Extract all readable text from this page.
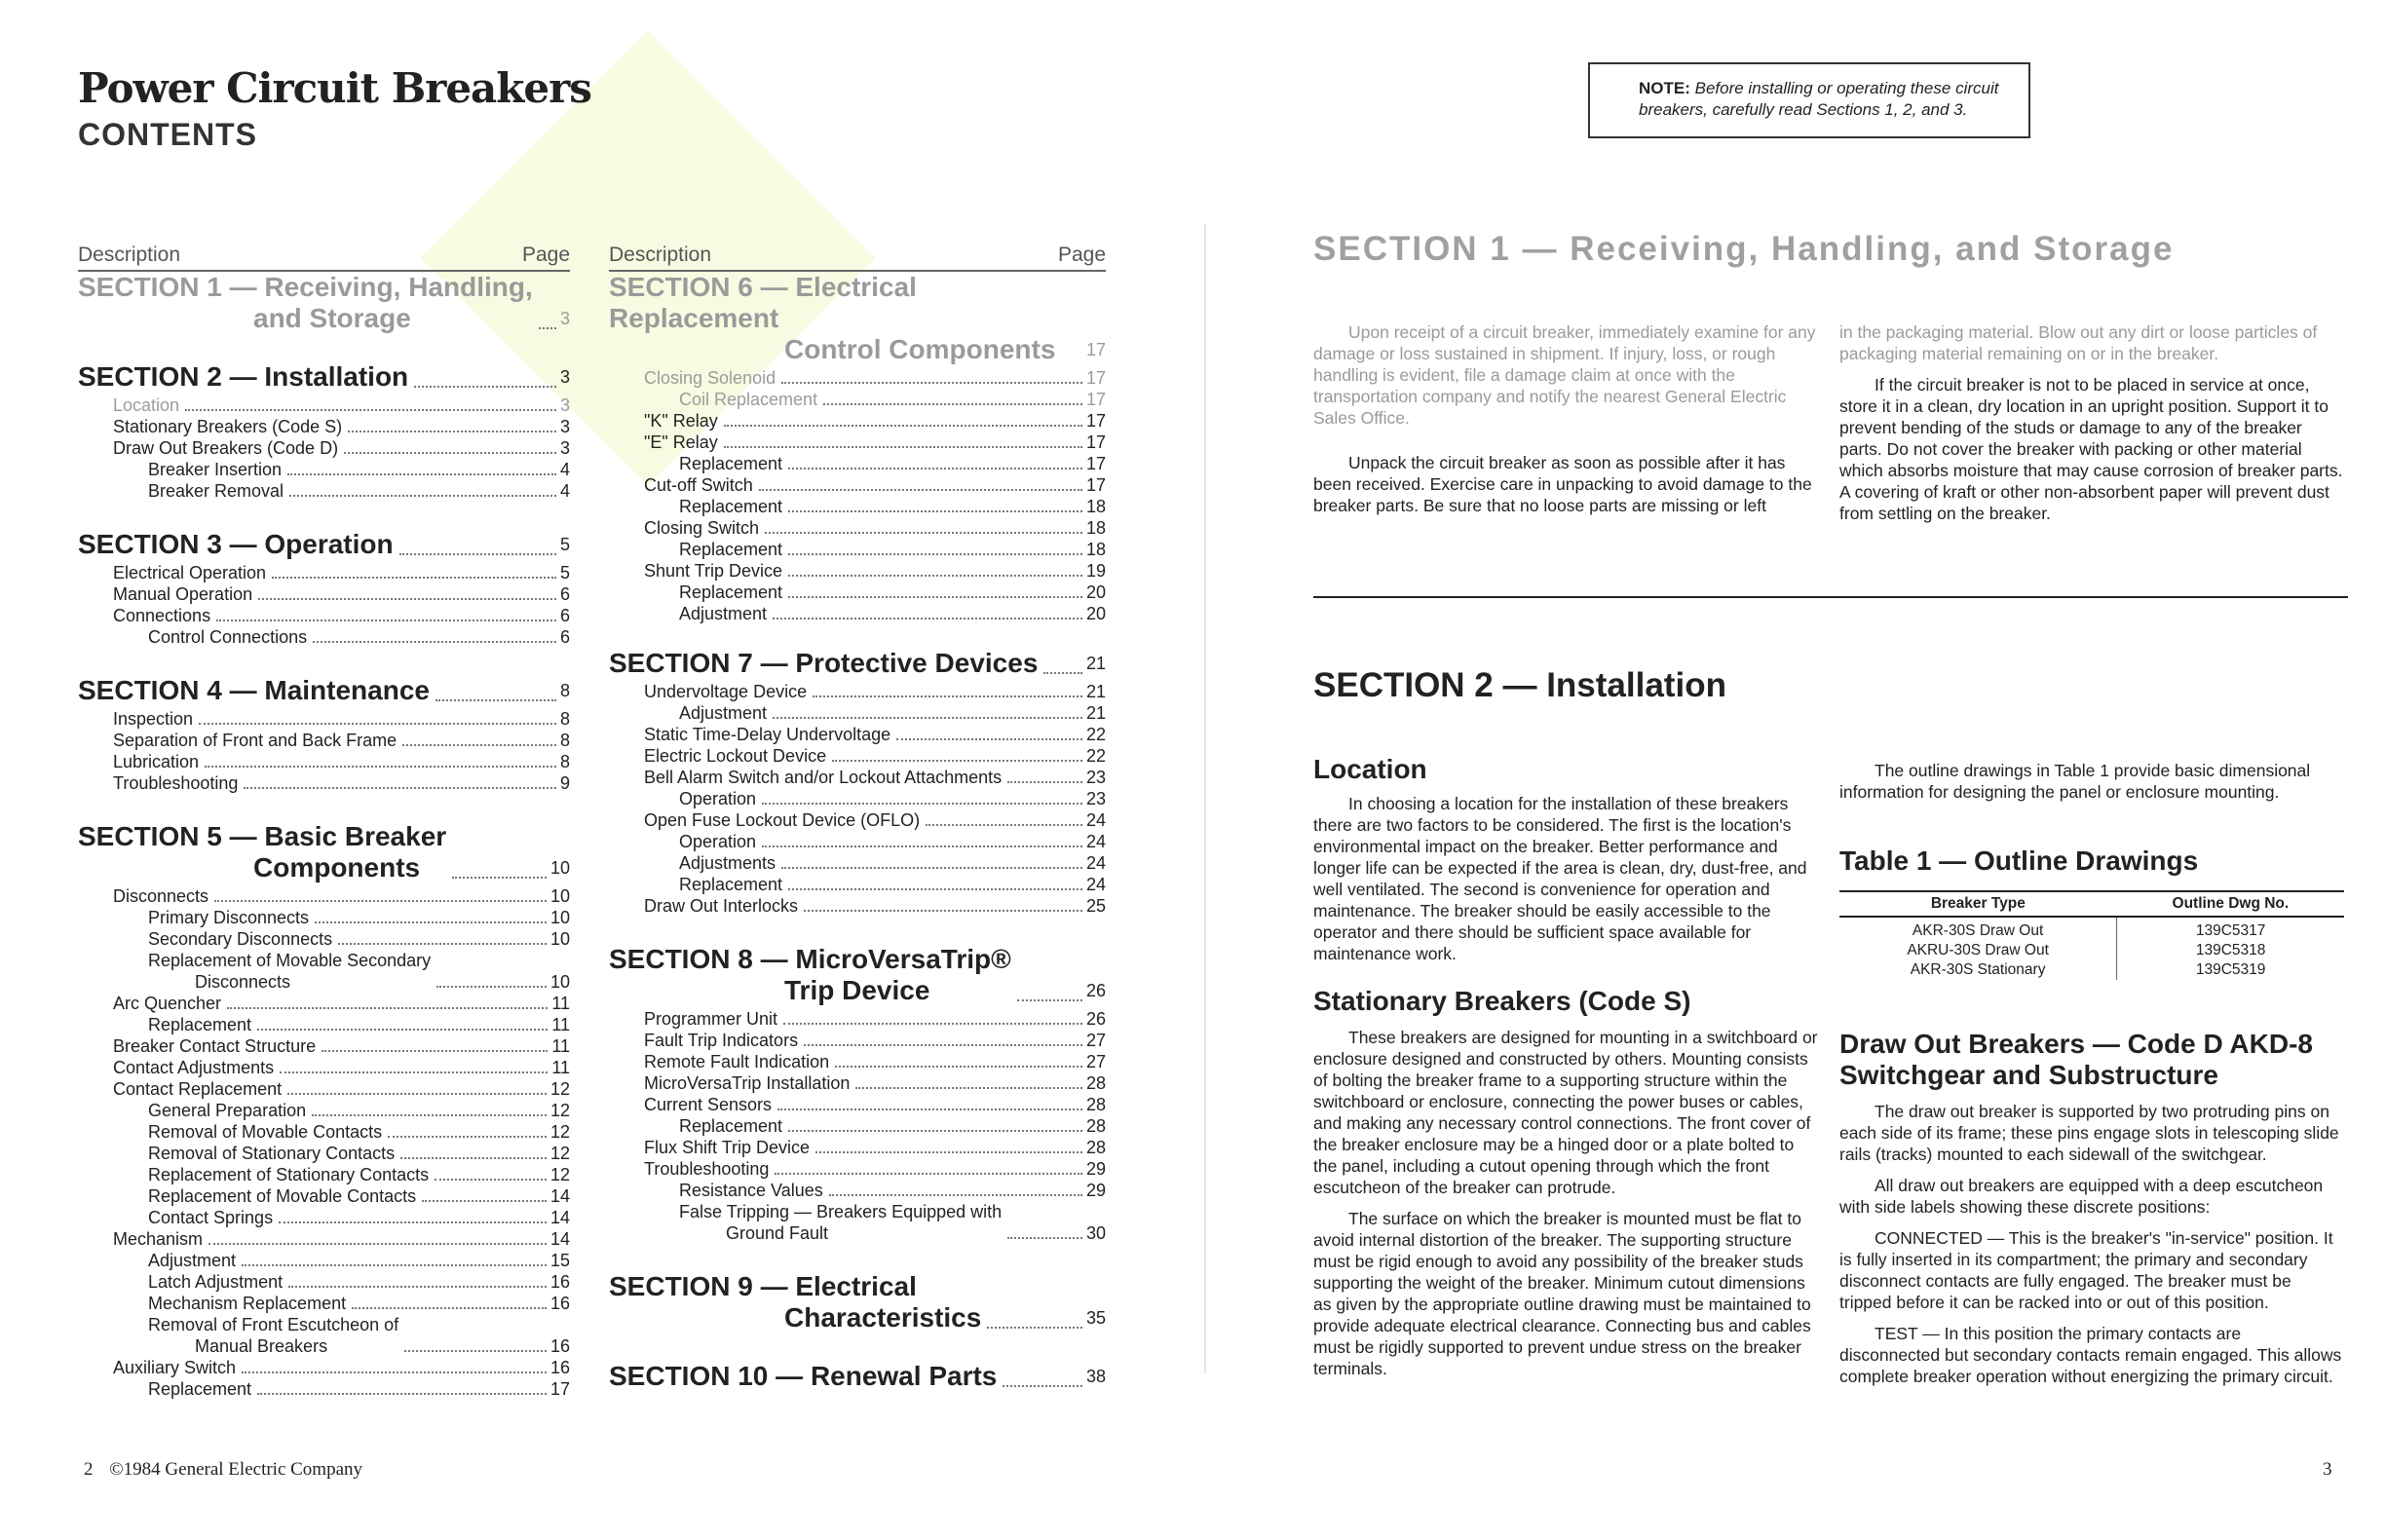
Power Circuit Breakers
CONTENTS
Description	Page
SECTION 1 — Receiving, Handling,
and Storage	3
SECTION 2 — Installation	3
Location	3
Stationary Breakers (Code S)	3
Draw Out Breakers (Code D)	3
Breaker Insertion	4
Breaker Removal	4
SECTION 3 — Operation	5
Electrical Operation	5
Manual Operation	6
Connections	6
Control Connections	6
SECTION 4 — Maintenance	8
Inspection	8
Separation of Front and Back Frame	8
Lubrication	8
Troubleshooting	9
SECTION 5 — Basic Breaker
Components	10
Disconnects	10
Primary Disconnects	10
Secondary Disconnects	10
Replacement of Movable Secondary
Disconnects	10
Arc Quencher	11
Replacement	11
Breaker Contact Structure	11
Contact Adjustments	11
Contact Replacement	12
General Preparation	12
Removal of Movable Contacts	12
Removal of Stationary Contacts	12
Replacement of Stationary Contacts	12
Replacement of Movable Contacts	14
Contact Springs	14
Mechanism	14
Adjustment	15
Latch Adjustment	16
Mechanism Replacement	16
Removal of Front Escutcheon of
Manual Breakers	16
Auxiliary Switch	16
Replacement	17
Description	Page
SECTION 6 — Electrical Replacement
Control Components	17
Closing Solenoid	17
Coil Replacement	17
"K" Relay	17
"E" Relay	17
Replacement	17
Cut-off Switch	17
Replacement	18
Closing Switch	18
Replacement	18
Shunt Trip Device	19
Replacement	20
Adjustment	20
SECTION 7 — Protective Devices	21
Undervoltage Device	21
Adjustment	21
Static Time-Delay Undervoltage	22
Electric Lockout Device	22
Bell Alarm Switch and/or Lockout Attachments	23
Operation	23
Open Fuse Lockout Device (OFLO)	24
Operation	24
Adjustments	24
Replacement	24
Draw Out Interlocks	25
SECTION 8 — MicroVersaTrip®
Trip Device	26
Programmer Unit	26
Fault Trip Indicators	27
Remote Fault Indication	27
MicroVersaTrip Installation	28
Current Sensors	28
Replacement	28
Flux Shift Trip Device	28
Troubleshooting	29
Resistance Values	29
False Tripping — Breakers Equipped with
Ground Fault	30
SECTION 9 — Electrical
Characteristics	35
SECTION 10 — Renewal Parts	38
2 ©1984 General Electric Company
NOTE: Before installing or operating these circuit breakers, carefully read Sections 1, 2, and 3.
SECTION 1 — Receiving, Handling, and Storage

Upon receipt of a circuit breaker, immediately examine for any damage or loss sustained in shipment. If injury, loss, or rough handling is evident, file a damage claim at once with the transportation company and notify the nearest General Electric Sales Office.

Unpack the circuit breaker as soon as possible after it has been received. Exercise care in unpacking to avoid damage to the breaker parts. Be sure that no loose parts are missing or left

in the packaging material. Blow out any dirt or loose particles of packaging material remaining on or in the breaker.

If the circuit breaker is not to be placed in service at once, store it in a clean, dry location in an upright position. Support it to prevent bending of the studs or damage to any of the breaker parts. Do not cover the breaker with packing or other material which absorbs moisture that may cause corrosion of breaker parts. A covering of kraft or other non-absorbent paper will prevent dust from settling on the breaker.

SECTION 2 — Installation
Location

In choosing a location for the installation of these breakers there are two factors to be considered. The first is the location's environmental impact on the breaker. Better performance and longer life can be expected if the area is clean, dry, dust-free, and well ventilated. The second is convenience for operation and maintenance. The breaker should be easily accessible to the operator and there should be sufficient space available for maintenance work.

Stationary Breakers (Code S)

These breakers are designed for mounting in a switchboard or enclosure designed and constructed by others. Mounting consists of bolting the breaker frame to a supporting structure within the switchboard or enclosure, connecting the power buses or cables, and making any necessary control connections. The front cover of the breaker enclosure may be a hinged door or a plate bolted to the panel, including a cutout opening through which the front escutcheon of the breaker can protrude.

The surface on which the breaker is mounted must be flat to avoid internal distortion of the breaker. The supporting structure must be rigid enough to avoid any possibility of the breaker studs supporting the weight of the breaker. Minimum cutout dimensions as given by the appropriate outline drawing must be maintained to provide adequate electrical clearance. Connecting bus and cables must be rigidly supported to prevent undue stress on the breaker terminals.

The outline drawings in Table 1 provide basic dimensional information for designing the panel or enclosure mounting.

Table 1 — Outline Drawings
Breaker Type	Outline Dwg No.
AKR-30S Draw Out	139C5317
AKRU-30S Draw Out	139C5318
AKR-30S Stationary	139C5319
Draw Out Breakers — Code D AKD-8 Switchgear and Substructure

The draw out breaker is supported by two protruding pins on each side of its frame; these pins engage slots in telescoping slide rails (tracks) mounted to each sidewall of the switchgear.

All draw out breakers are equipped with a deep escutcheon with side labels showing these discrete positions:

CONNECTED — This is the breaker's "in-service" position. It is fully inserted in its compartment; the primary and secondary disconnect contacts are fully engaged. The breaker must be tripped before it can be racked into or out of this position.

TEST — In this position the primary contacts are disconnected but secondary contacts remain engaged. This allows complete breaker operation without energizing the primary circuit.

3
